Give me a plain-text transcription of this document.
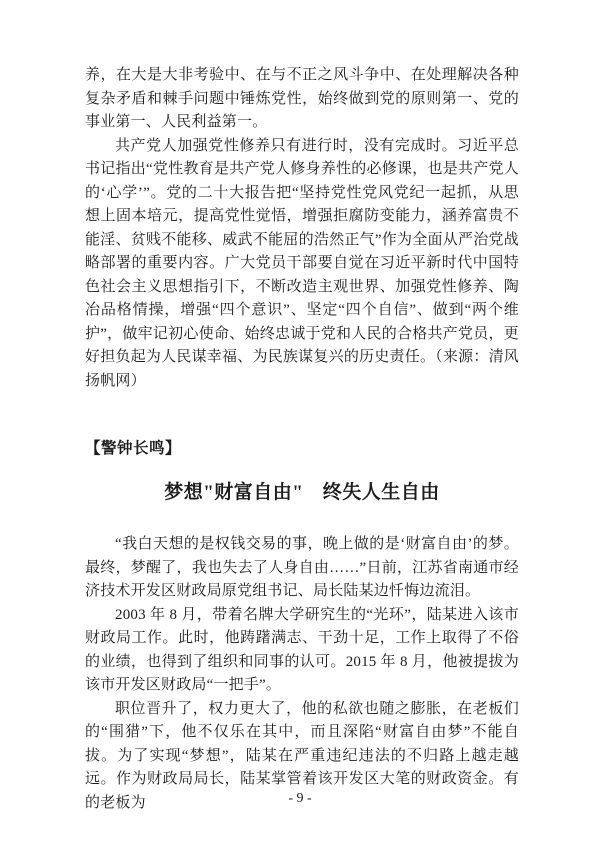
养，在大是大非考验中、在与不正之风斗争中、在处理解决各种复杂矛盾和棘手问题中锤炼党性，始终做到党的原则第一、党的事业第一、人民利益第一。

共产党人加强党性修养只有进行时，没有完成时。习近平总书记指出“党性教育是共产党人修身养性的必修课，也是共产党人的‘心学’”。党的二十大报告把“坚持党性党风党纪一起抓，从思想上固本培元，提高党性觉悟，增强拒腐防变能力，涵养富贵不能淫、贫贱不能移、威武不能屈的浩然正气”作为全面从严治党战略部署的重要内容。广大党员干部要自觉在习近平新时代中国特色社会主义思想指引下，不断改造主观世界、加强党性修养、陶冶品格情操，增强“四个意识”、坚定“四个自信”、做到“两个维护”，做牢记初心使命、始终忠诚于党和人民的合格共产党员，更好担负起为人民谋幸福、为民族谋复兴的历史责任。（来源：清风扬帆网）

【警钟长鸣】
梦想"财富自由"　终失人生自由

“我白天想的是权钱交易的事，晚上做的是‘财富自由’的梦。最终，梦醒了，我也失去了人身自由……”日前，江苏省南通市经济技术开发区财政局原党组书记、局长陆某边忏悔边流泪。

2003 年 8 月，带着名牌大学研究生的“光环”，陆某进入该市财政局工作。此时，他踌躇满志、干劲十足，工作上取得了不俗的业绩，也得到了组织和同事的认可。2015 年 8 月，他被提拔为该市开发区财政局“一把手”。

职位晋升了，权力更大了，他的私欲也随之膨胀，在老板们的“围猎”下，他不仅乐在其中，而且深陷“财富自由梦”不能自拔。为了实现“梦想”，陆某在严重违纪违法的不归路上越走越远。作为财政局局长，陆某掌管着该开发区大笔的财政资金。有的老板为	- 9 -
